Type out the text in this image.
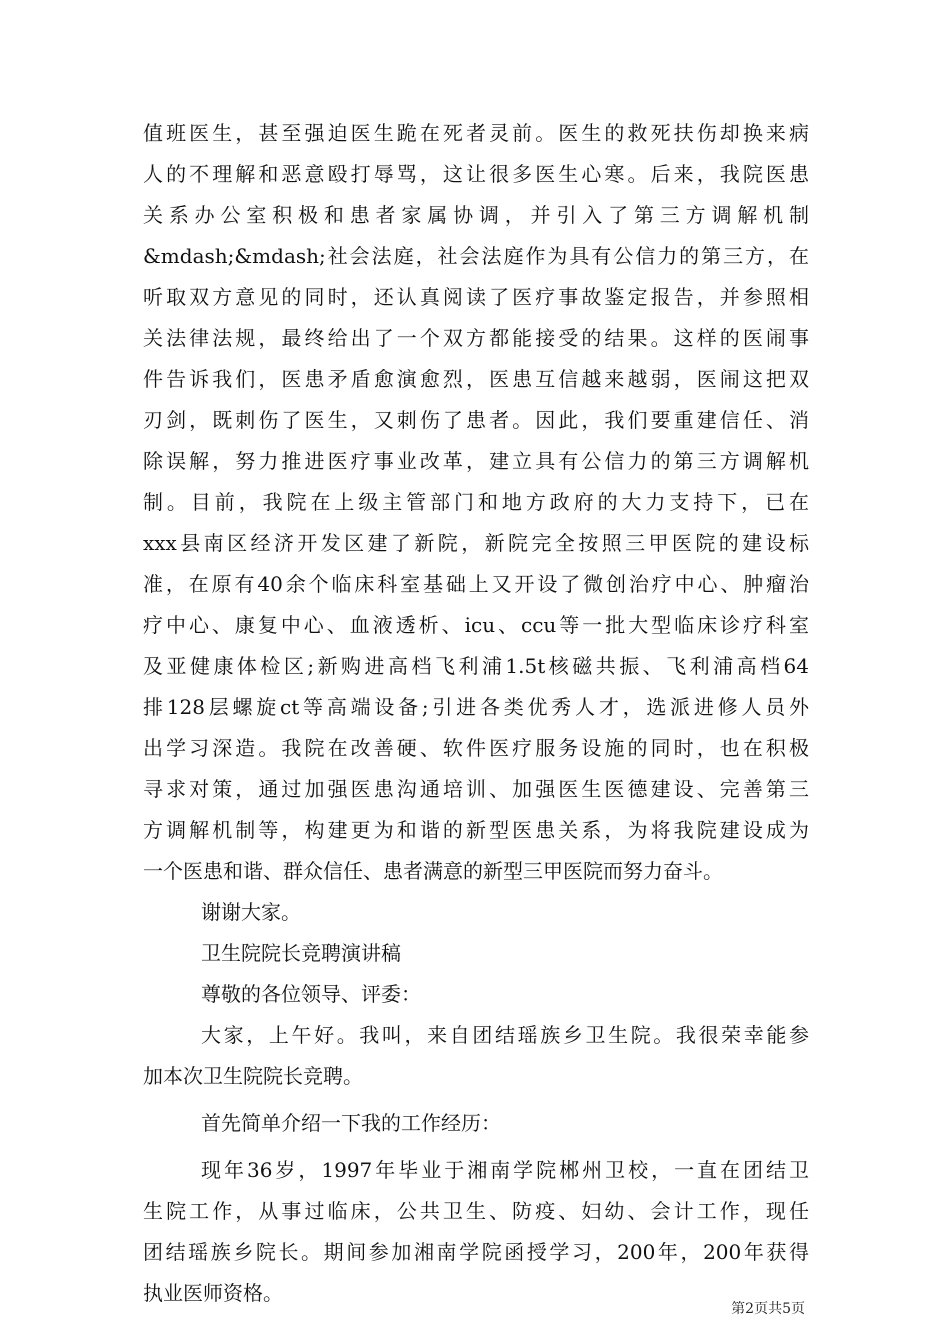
值班医生，甚至强迫医生跪在死者灵前。医生的救死扶伤却换来病
人的不理解和恶意殴打辱骂，这让很多医生心寒。后来，我院医患
关系办公室积极和患者家属协调，并引入了第三方调解机制
&mdash;&mdash;社会法庭，社会法庭作为具有公信力的第三方，在
听取双方意见的同时，还认真阅读了医疗事故鉴定报告，并参照相
关法律法规，最终给出了一个双方都能接受的结果。这样的医闹事
件告诉我们，医患矛盾愈演愈烈，医患互信越来越弱，医闹这把双
刃剑，既刺伤了医生，又刺伤了患者。因此，我们要重建信任、消
除误解，努力推进医疗事业改革，建立具有公信力的第三方调解机
制。目前，我院在上级主管部门和地方政府的大力支持下，已在
xxx县南区经济开发区建了新院，新院完全按照三甲医院的建设标
准，在原有40余个临床科室基础上又开设了微创治疗中心、肿瘤治
疗中心、康复中心、血液透析、icu、ccu等一批大型临床诊疗科室
及亚健康体检区;新购进高档飞利浦1.5t核磁共振、飞利浦高档64
排128层螺旋ct等高端设备;引进各类优秀人才，选派进修人员外
出学习深造。我院在改善硬、软件医疗服务设施的同时，也在积极
寻求对策，通过加强医患沟通培训、加强医生医德建设、完善第三
方调解机制等，构建更为和谐的新型医患关系，为将我院建设成为
一个医患和谐、群众信任、患者满意的新型三甲医院而努力奋斗。
谢谢大家。
卫生院院长竞聘演讲稿
尊敬的各位领导、评委：
大家，上午好。我叫，来自团结瑶族乡卫生院。我很荣幸能参
加本次卫生院院长竞聘。
首先简单介绍一下我的工作经历：
现年36岁，1997年毕业于湘南学院郴州卫校，一直在团结卫
生院工作，从事过临床，公共卫生、防疫、妇幼、会计工作，现任
团结瑶族乡院长。期间参加湘南学院函授学习，200年，200年获得
执业医师资格。
第2页共5页
